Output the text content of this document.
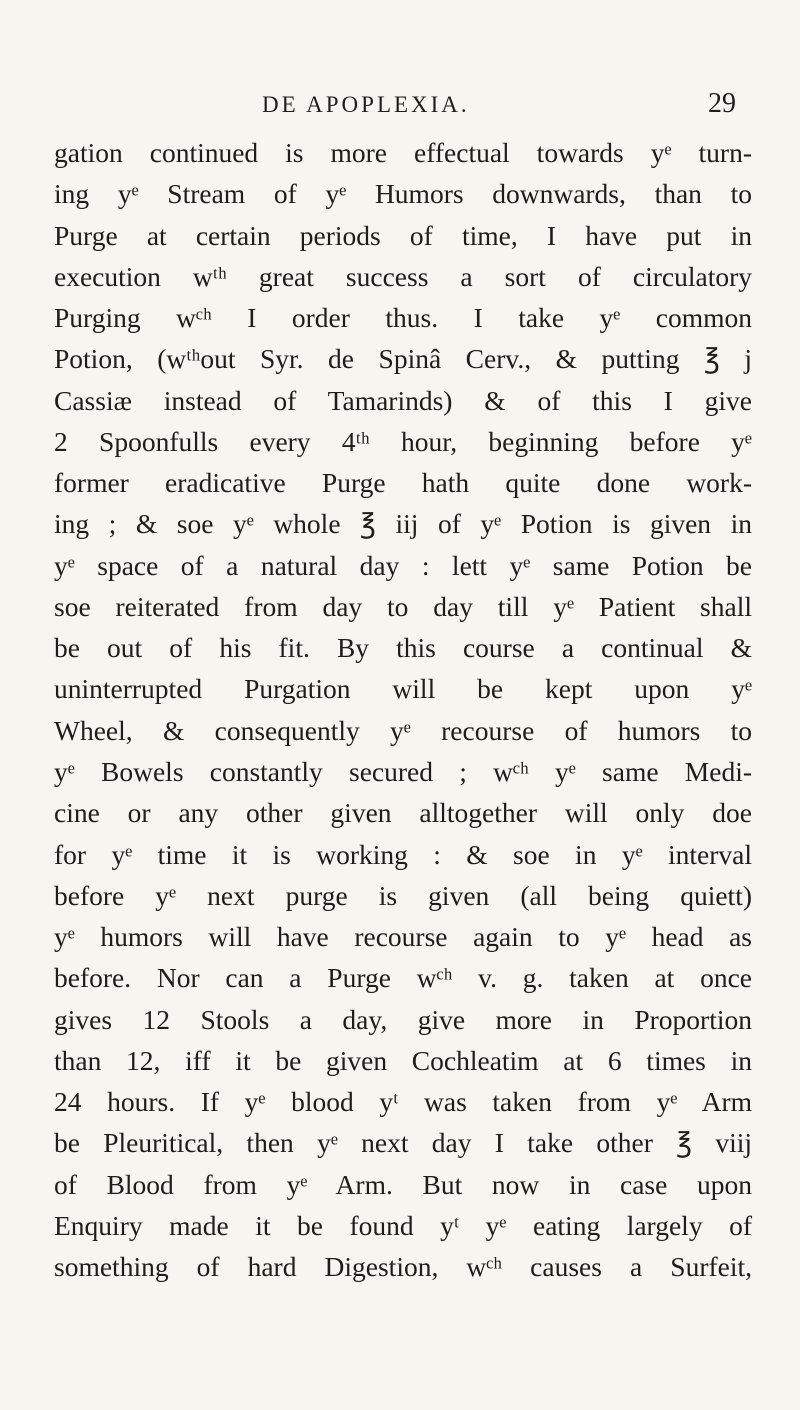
DE APOPLEXIA.	29
gation continued is more effectual towards yᵉ turn-
ing yᵉ Stream of yᵉ Humors downwards, than to
Purge at certain periods of time, I have put in
execution wᵗʰ great success a sort of circulatory
Purging wᶜʰ I order thus. I take yᵉ common
Potion, (wᵗʰout Syr. de Spinâ Cerv., & putting ℥ j
Cassiæ instead of Tamarinds) & of this I give
2 Spoonfulls every 4ᵗʰ hour, beginning before yᵉ
former eradicative Purge hath quite done work-
ing ; & soe yᵉ whole ℥ iij of yᵉ Potion is given in
yᵉ space of a natural day : lett yᵉ same Potion be
soe reiterated from day to day till yᵉ Patient shall
be out of his fit. By this course a continual &
uninterrupted Purgation will be kept upon yᵉ
Wheel, & consequently yᵉ recourse of humors to
yᵉ Bowels constantly secured ; wᶜʰ yᵉ same Medi-
cine or any other given alltogether will only doe
for yᵉ time it is working : & soe in yᵉ interval
before yᵉ next purge is given (all being quiett)
yᵉ humors will have recourse again to yᵉ head as
before. Nor can a Purge wᶜʰ v. g. taken at once
gives 12 Stools a day, give more in Proportion
than 12, iff it be given Cochleatim at 6 times in
24 hours. If yᵉ blood yᵗ was taken from yᵉ Arm
be Pleuritical, then yᵉ next day I take other ℥ viij
of Blood from yᵉ Arm. But now in case upon
Enquiry made it be found yᵗ yᵉ eating largely of
something of hard Digestion, wᶜʰ causes a Surfeit,
